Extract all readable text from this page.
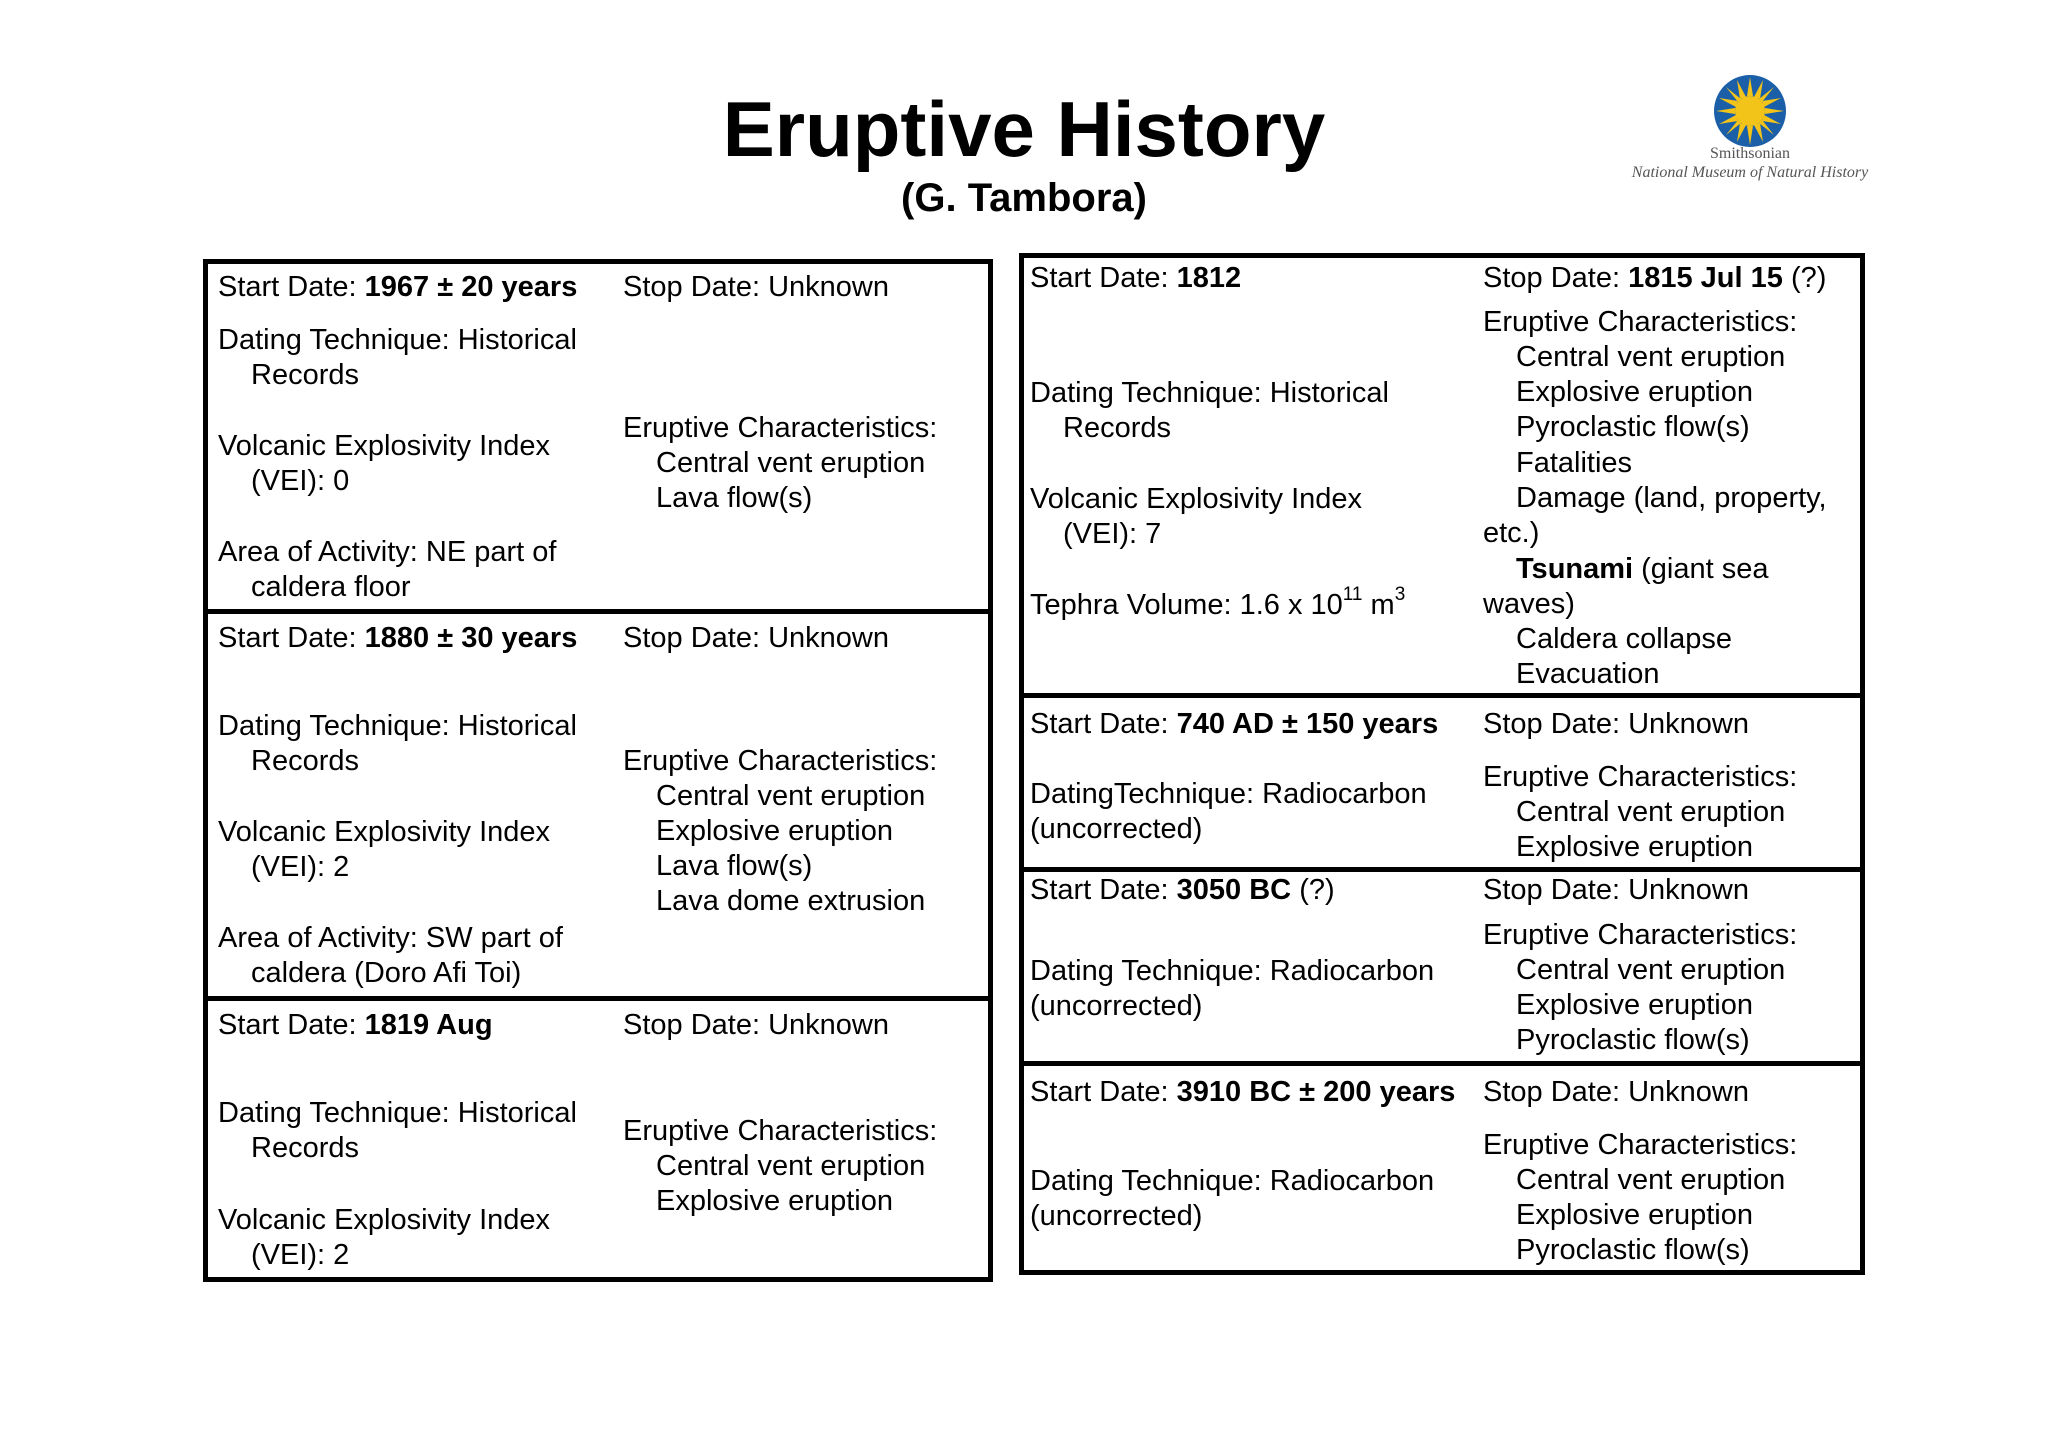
Eruptive History
(G. Tambora)
Smithsonian
National Museum of Natural History
Start Date: 1967 ± 20 years Stop Date: Unknown
Dating Technique: Historical
Records
Volcanic Explosivity Index
(VEI): 0
Area of Activity: NE part of
caldera floor
Eruptive Characteristics:
Central vent eruption
Lava flow(s)
Start Date: 1880 ± 30 years Stop Date: Unknown
Dating Technique: Historical
Records
Volcanic Explosivity Index
(VEI): 2
Area of Activity: SW part of
caldera (Doro Afi Toi)
Eruptive Characteristics:
Central vent eruption
Explosive eruption
Lava flow(s)
Lava dome extrusion
Start Date: 1819 Aug	Stop Date: Unknown
Dating Technique: Historical
Records
Volcanic Explosivity Index
(VEI): 2
Eruptive Characteristics:
Central vent eruption
Explosive eruption
Start Date: 1812	Stop Date: 1815 Jul 15 (?)
Dating Technique: Historical
Records
Volcanic Explosivity Index
(VEI): 7
Tephra Volume: 1.6 x $10^{11}$ $m^3$
Eruptive Characteristics:
Central vent eruption
Explosive eruption
Pyroclastic flow(s)
Fatalities
Damage (land, property,
etc.)
Tsunami (giant sea
waves)
Caldera collapse
Evacuation
Start Date: 740 AD ± 150 years Stop Date: Unknown
DatingTechnique: Radiocarbon
(uncorrected)
Eruptive Characteristics:
Central vent eruption
Explosive eruption
Start Date: 3050 BC (?)	Stop Date: Unknown
Dating Technique: Radiocarbon
(uncorrected)
Eruptive Characteristics:
Central vent eruption
Explosive eruption
Pyroclastic flow(s)
Start Date: 3910 BC ± 200 years Stop Date: Unknown
Dating Technique: Radiocarbon
(uncorrected)
Eruptive Characteristics:
Central vent eruption
Explosive eruption
Pyroclastic flow(s)
